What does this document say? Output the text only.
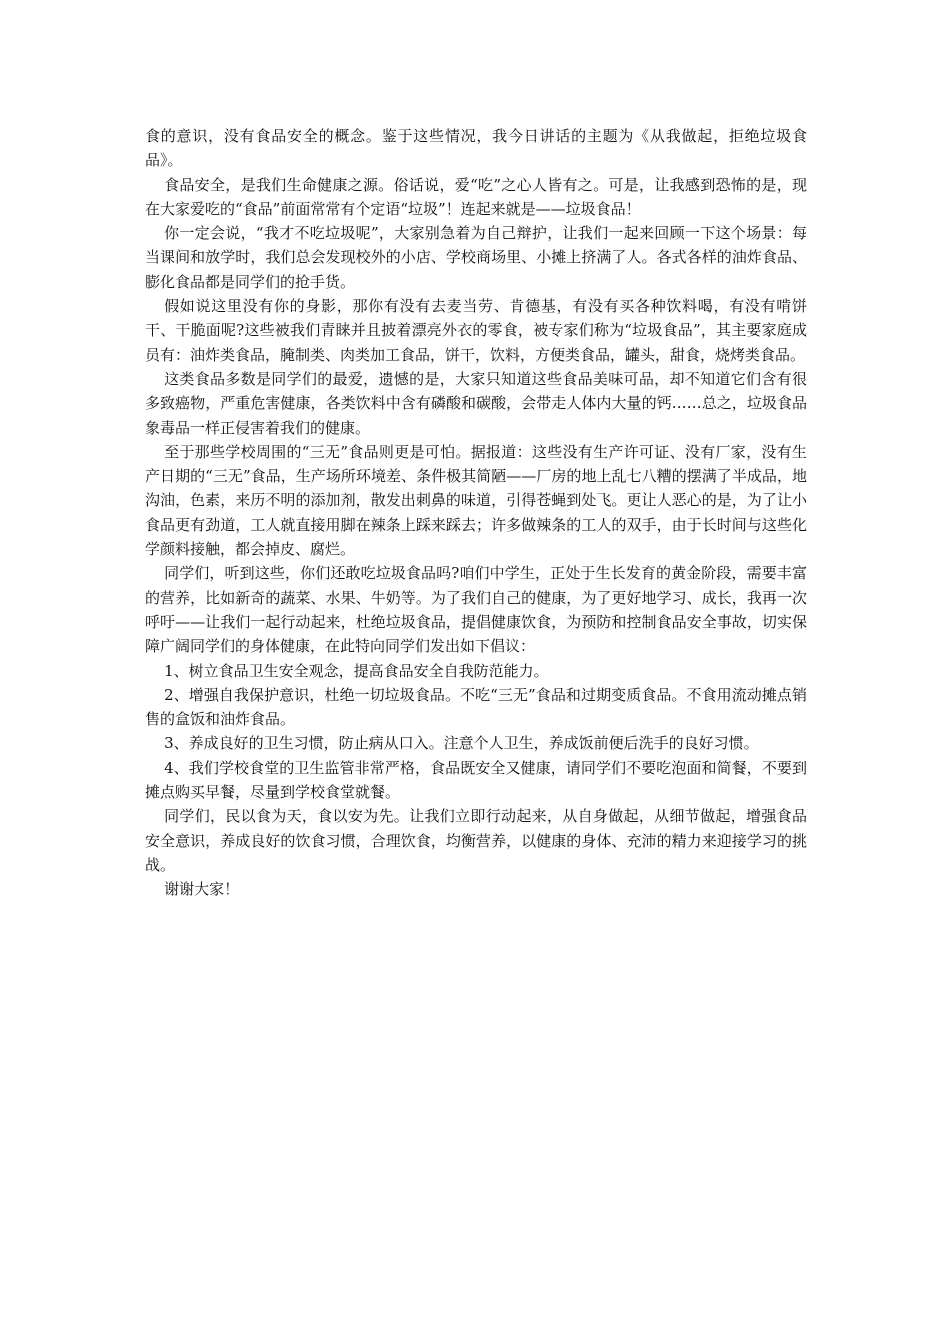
食的意识，没有食品安全的概念。鉴于这些情况，我今日讲话的主题为《从我做起，拒绝垃圾食品》。

食品安全，是我们生命健康之源。俗话说，爱“吃”之心人皆有之。可是，让我感到恐怖的是，现在大家爱吃的“食品”前面常常有个定语“垃圾”！连起来就是——垃圾食品！

你一定会说，“我才不吃垃圾呢”，大家别急着为自己辩护，让我们一起来回顾一下这个场景：每当课间和放学时，我们总会发现校外的小店、学校商场里、小摊上挤满了人。各式各样的油炸食品、膨化食品都是同学们的抢手货。

假如说这里没有你的身影，那你有没有去麦当劳、肯德基，有没有买各种饮料喝，有没有啃饼干、干脆面呢?这些被我们青睐并且披着漂亮外衣的零食，被专家们称为“垃圾食品”，其主要家庭成员有：油炸类食品，腌制类、肉类加工食品，饼干，饮料，方便类食品，罐头，甜食，烧烤类食品。

这类食品多数是同学们的最爱，遗憾的是，大家只知道这些食品美味可品，却不知道它们含有很多致癌物，严重危害健康，各类饮料中含有磷酸和碳酸，会带走人体内大量的钙……总之，垃圾食品象毒品一样正侵害着我们的健康。

至于那些学校周围的“三无”食品则更是可怕。据报道：这些没有生产许可证、没有厂家，没有生产日期的“三无”食品，生产场所环境差、条件极其简陋——厂房的地上乱七八糟的摆满了半成品，地沟油，色素，来历不明的添加剂，散发出刺鼻的味道，引得苍蝇到处飞。更让人恶心的是，为了让小食品更有劲道，工人就直接用脚在辣条上踩来踩去；许多做辣条的工人的双手，由于长时间与这些化学颜料接触，都会掉皮、腐烂。

同学们，听到这些，你们还敢吃垃圾食品吗?咱们中学生，正处于生长发育的黄金阶段，需要丰富的营养，比如新奇的蔬菜、水果、牛奶等。为了我们自己的健康，为了更好地学习、成长，我再一次呼吁——让我们一起行动起来，杜绝垃圾食品，提倡健康饮食，为预防和控制食品安全事故，切实保障广阔同学们的身体健康，在此特向同学们发出如下倡议：

1、树立食品卫生安全观念，提高食品安全自我防范能力。

2、增强自我保护意识，杜绝一切垃圾食品。不吃“三无”食品和过期变质食品。不食用流动摊点销售的盒饭和油炸食品。

3、养成良好的卫生习惯，防止病从口入。注意个人卫生，养成饭前便后洗手的良好习惯。

4、我们学校食堂的卫生监管非常严格，食品既安全又健康，请同学们不要吃泡面和简餐，不要到摊点购买早餐，尽量到学校食堂就餐。

同学们，民以食为天，食以安为先。让我们立即行动起来，从自身做起，从细节做起，增强食品安全意识，养成良好的饮食习惯，合理饮食，均衡营养，以健康的身体、充沛的精力来迎接学习的挑战。

谢谢大家！
